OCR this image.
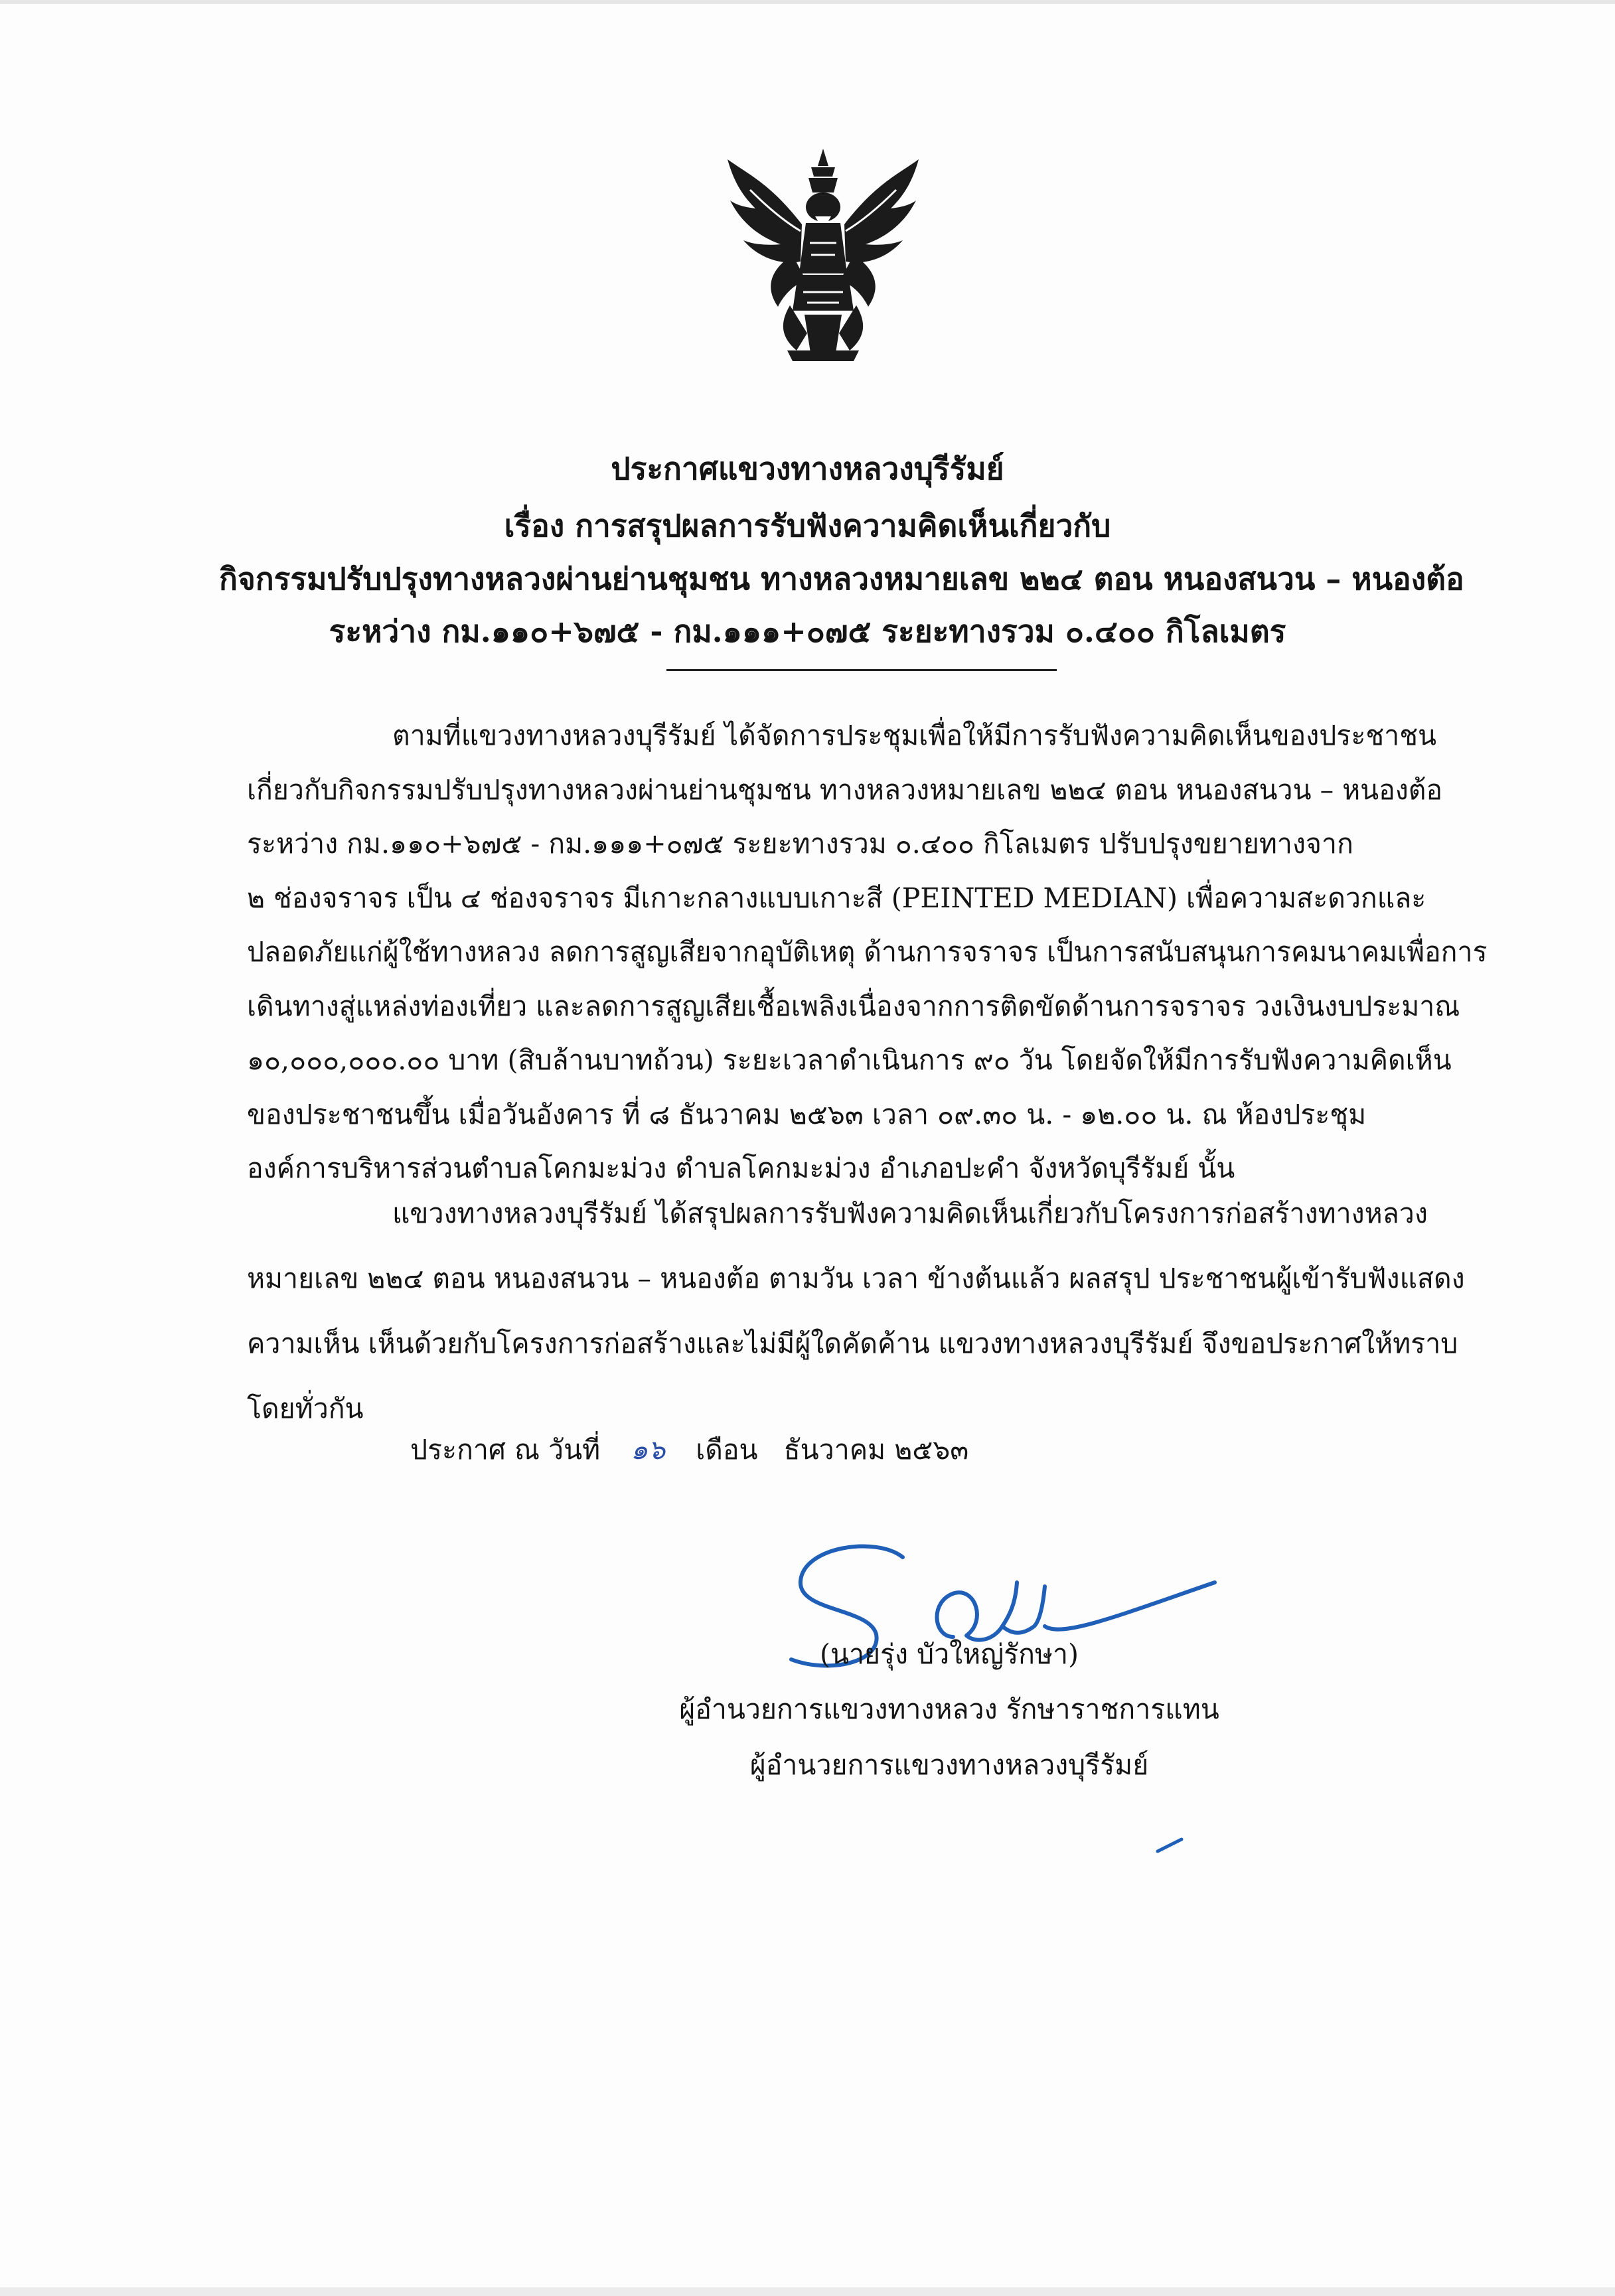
ประกาศแขวงทางหลวงบุรีรัมย์
เรื่อง การสรุปผลการรับฟังความคิดเห็นเกี่ยวกับ
กิจกรรมปรับปรุงทางหลวงผ่านย่านชุมชน ทางหลวงหมายเลข ๒๒๔ ตอน หนองสนวน – หนองต้อ
ระหว่าง กม.๑๑๐+๖๗๕ - กม.๑๑๑+๐๗๕ ระยะทางรวม ๐.๔๐๐ กิโลเมตร
ตามที่แขวงทางหลวงบุรีรัมย์ ได้จัดการประชุมเพื่อให้มีการรับฟังความคิดเห็นของประชาชน
เกี่ยวกับกิจกรรมปรับปรุงทางหลวงผ่านย่านชุมชน ทางหลวงหมายเลข ๒๒๔ ตอน หนองสนวน – หนองต้อ
ระหว่าง กม.๑๑๐+๖๗๕ - กม.๑๑๑+๐๗๕ ระยะทางรวม ๐.๔๐๐ กิโลเมตร ปรับปรุงขยายทางจาก
๒ ช่องจราจร เป็น ๔ ช่องจราจร มีเกาะกลางแบบเกาะสี (PEINTED MEDIAN) เพื่อความสะดวกและ
ปลอดภัยแก่ผู้ใช้ทางหลวง ลดการสูญเสียจากอุบัติเหตุ ด้านการจราจร เป็นการสนับสนุนการคมนาคมเพื่อการ
เดินทางสู่แหล่งท่องเที่ยว และลดการสูญเสียเชื้อเพลิงเนื่องจากการติดขัดด้านการจราจร วงเงินงบประมาณ
๑๐,๐๐๐,๐๐๐.๐๐ บาท (สิบล้านบาทถ้วน) ระยะเวลาดำเนินการ ๙๐ วัน โดยจัดให้มีการรับฟังความคิดเห็น
ของประชาชนขึ้น เมื่อวันอังคาร ที่ ๘ ธันวาคม ๒๕๖๓ เวลา ๐๙.๓๐ น. - ๑๒.๐๐ น. ณ ห้องประชุม
องค์การบริหารส่วนตำบลโคกมะม่วง ตำบลโคกมะม่วง อำเภอปะคำ จังหวัดบุรีรัมย์ นั้น
แขวงทางหลวงบุรีรัมย์ ได้สรุปผลการรับฟังความคิดเห็นเกี่ยวกับโครงการก่อสร้างทางหลวง
หมายเลข ๒๒๔ ตอน หนองสนวน – หนองต้อ ตามวัน เวลา ข้างต้นแล้ว ผลสรุป ประชาชนผู้เข้ารับฟังแสดง
ความเห็น เห็นด้วยกับโครงการก่อสร้างและไม่มีผู้ใดคัดค้าน แขวงทางหลวงบุรีรัมย์ จึงขอประกาศให้ทราบ
โดยทั่วกัน
ประกาศ ณ วันที่ ๑๖ เดือน ธันวาคม ๒๕๖๓
(นายรุ่ง บัวใหญ่รักษา)
ผู้อำนวยการแขวงทางหลวง รักษาราชการแทน
ผู้อำนวยการแขวงทางหลวงบุรีรัมย์
